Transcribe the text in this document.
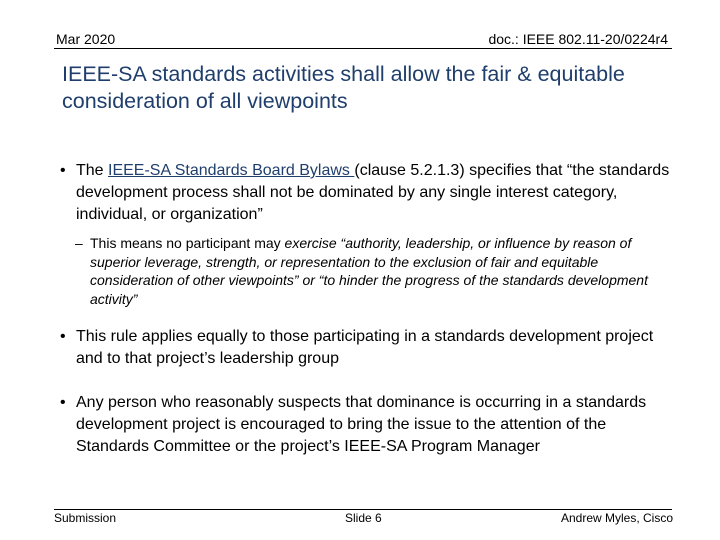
Mar 2020	doc.: IEEE 802.11-20/0224r4
IEEE-SA standards activities shall allow the fair & equitable consideration of all viewpoints

• The IEEE-SA Standards Board Bylaws (clause 5.2.1.3) specifies that “the standards development process shall not be dominated by any single interest category, individual, or organization”

– This means no participant may exercise “authority, leadership, or influence by reason of superior leverage, strength, or representation to the exclusion of fair and equitable consideration of other viewpoints” or “to hinder the progress of the standards development activity”

• This rule applies equally to those participating in a standards development project and to that project’s leadership group

• Any person who reasonably suspects that dominance is occurring in a standards development project is encouraged to bring the issue to the attention of the Standards Committee or the project’s IEEE-SA Program Manager

Submission	Slide 6	Andrew Myles, Cisco
